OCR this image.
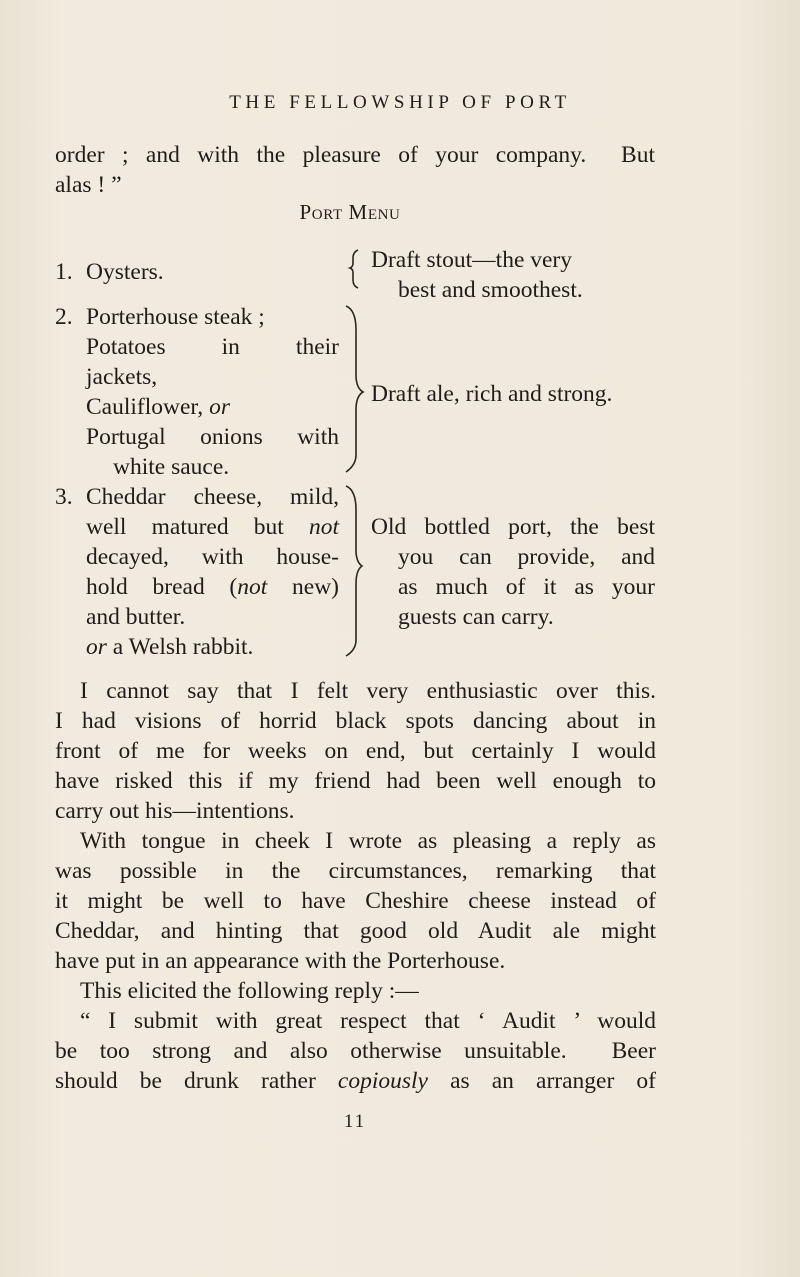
THE FELLOWSHIP OF PORT
order ; and with the pleasure of your company.  But
alas ! ”
Port Menu
1. Oysters.	Draft stout—the very
best and smoothest.
2. Porterhouse steak ;
Potatoes in their
jackets,
Cauliflower, or
Portugal onions with
white sauce.
Draft ale, rich and strong.
3. Cheddar cheese, mild,
well matured but not
decayed, with house-
hold bread (not new)
and butter.
or a Welsh rabbit.
Old bottled port, the best
you can provide, and
as much of it as your
guests can carry.
I cannot say that I felt very enthusiastic over this.
I had visions of horrid black spots dancing about in
front of me for weeks on end, but certainly I would
have risked this if my friend had been well enough to
carry out his—intentions.
With tongue in cheek I wrote as pleasing a reply as
was possible in the circumstances, remarking that
it might be well to have Cheshire cheese instead of
Cheddar, and hinting that good old Audit ale might
have put in an appearance with the Porterhouse.
This elicited the following reply :—
“ I submit with great respect that ‘ Audit ’ would
be too strong and also otherwise unsuitable.  Beer
should be drunk rather copiously as an arranger of
11
